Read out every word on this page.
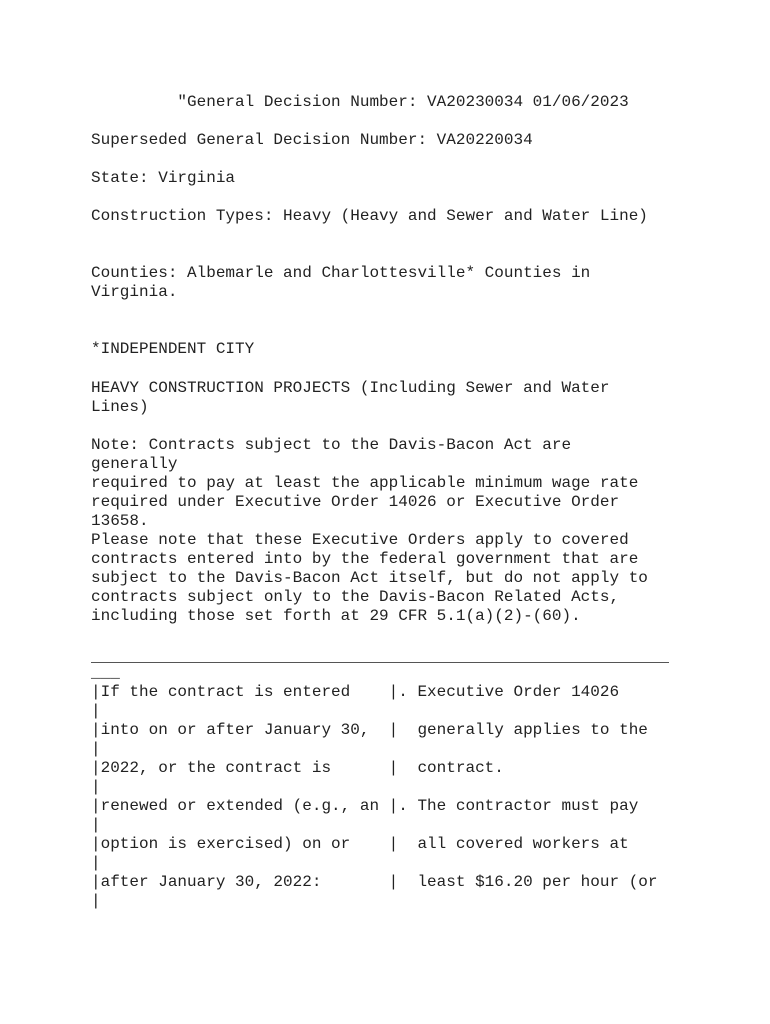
"General Decision Number: VA20230034 01/06/2023

Superseded General Decision Number: VA20220034

State: Virginia

Construction Types: Heavy (Heavy and Sewer and Water Line)

Counties: Albemarle and Charlottesville* Counties in

Virginia.

*INDEPENDENT CITY

HEAVY CONSTRUCTION PROJECTS (Including Sewer and Water

Lines)

Note: Contracts subject to the Davis-Bacon Act are

generally

required to pay at least the applicable minimum wage rate

required under Executive Order 14026 or Executive Order

13658.

Please note that these Executive Orders apply to covered

contracts entered into by the federal government that are

subject to the Davis-Bacon Act itself, but do not apply to

contracts subject only to the Davis-Bacon Related Acts,

including those set forth at 29 CFR 5.1(a)(2)-(60).

___

|If the contract is entered    |. Executive Order 14026

|

|into on or after January 30,  |  generally applies to the

|

|2022, or the contract is      |  contract.

|

|renewed or extended (e.g., an |. The contractor must pay

|

|option is exercised) on or    |  all covered workers at

|

|after January 30, 2022:       |  least $16.20 per hour (or

|
